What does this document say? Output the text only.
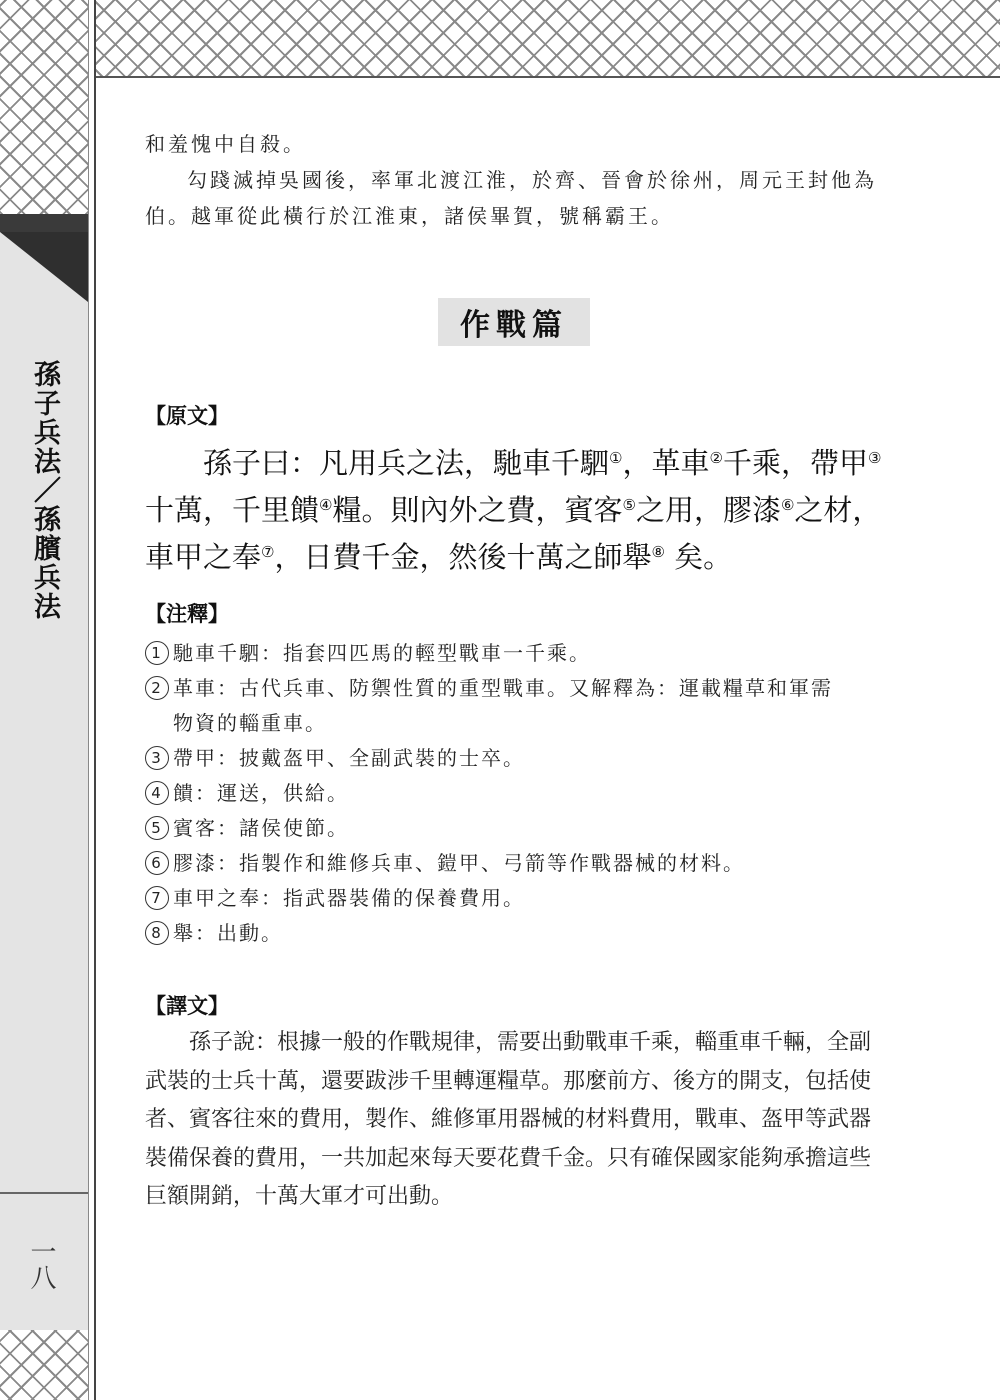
孫子兵法／孫臏兵法
一八

和羞愧中自殺。

勾踐滅掉吳國後，率軍北渡江淮，於齊、晉會於徐州，周元王封他為伯。越軍從此橫行於江淮東，諸侯畢賀，號稱霸王。

作戰篇

【原文】

孫子曰：凡用兵之法，馳車千駟①，革車②千乘，帶甲③十萬，千里饋④糧。則內外之費，賓客⑤之用，膠漆⑥之材，車甲之奉⑦，日費千金，然後十萬之師舉⑧ 矣。

【注釋】

1 馳車千駟：指套四匹馬的輕型戰車一千乘。
2 革車：古代兵車、防禦性質的重型戰車。又解釋為：運載糧草和軍需
物資的輜重車。
3 帶甲：披戴盔甲、全副武裝的士卒。
4 饋：運送，供給。
5 賓客：諸侯使節。
6 膠漆：指製作和維修兵車、鎧甲、弓箭等作戰器械的材料。
7 車甲之奉：指武器裝備的保養費用。
8 舉：出動。

【譯文】

孫子說：根據一般的作戰規律，需要出動戰車千乘，輜重車千輛，全副武裝的士兵十萬，還要跋涉千里轉運糧草。那麼前方、後方的開支，包括使者、賓客往來的費用，製作、維修軍用器械的材料費用，戰車、盔甲等武器裝備保養的費用，一共加起來每天要花費千金。只有確保國家能夠承擔這些巨額開銷，十萬大軍才可出動。
